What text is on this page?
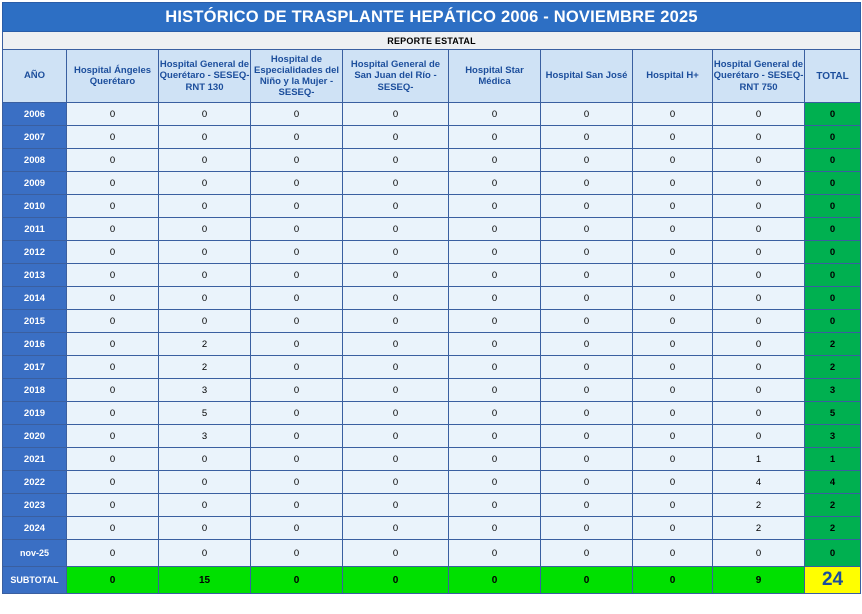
HISTÓRICO DE TRASPLANTE HEPÁTICO 2006 - NOVIEMBRE 2025									
REPORTE ESTATAL									
AÑO	Hospital Ángeles Querétaro	Hospital General de Querétaro - SESEQ- RNT 130	Hospital de Especialidades del Niño y la Mujer - SESEQ-	Hospital General de San Juan del Río -SESEQ-	Hospital Star Médica	Hospital San José	Hospital H+	Hospital General de Querétaro - SESEQ- RNT 750	TOTAL
2006	0	0	0	0	0	0	0	0	0
2007	0	0	0	0	0	0	0	0	0
2008	0	0	0	0	0	0	0	0	0
2009	0	0	0	0	0	0	0	0	0
2010	0	0	0	0	0	0	0	0	0
2011	0	0	0	0	0	0	0	0	0
2012	0	0	0	0	0	0	0	0	0
2013	0	0	0	0	0	0	0	0	0
2014	0	0	0	0	0	0	0	0	0
2015	0	0	0	0	0	0	0	0	0
2016	0	2	0	0	0	0	0	0	2
2017	0	2	0	0	0	0	0	0	2
2018	0	3	0	0	0	0	0	0	3
2019	0	5	0	0	0	0	0	0	5
2020	0	3	0	0	0	0	0	0	3
2021	0	0	0	0	0	0	0	1	1
2022	0	0	0	0	0	0	0	4	4
2023	0	0	0	0	0	0	0	2	2
2024	0	0	0	0	0	0	0	2	2
nov-25	0	0	0	0	0	0	0	0	0
SUBTOTAL	0	15	0	0	0	0	0	9	24
